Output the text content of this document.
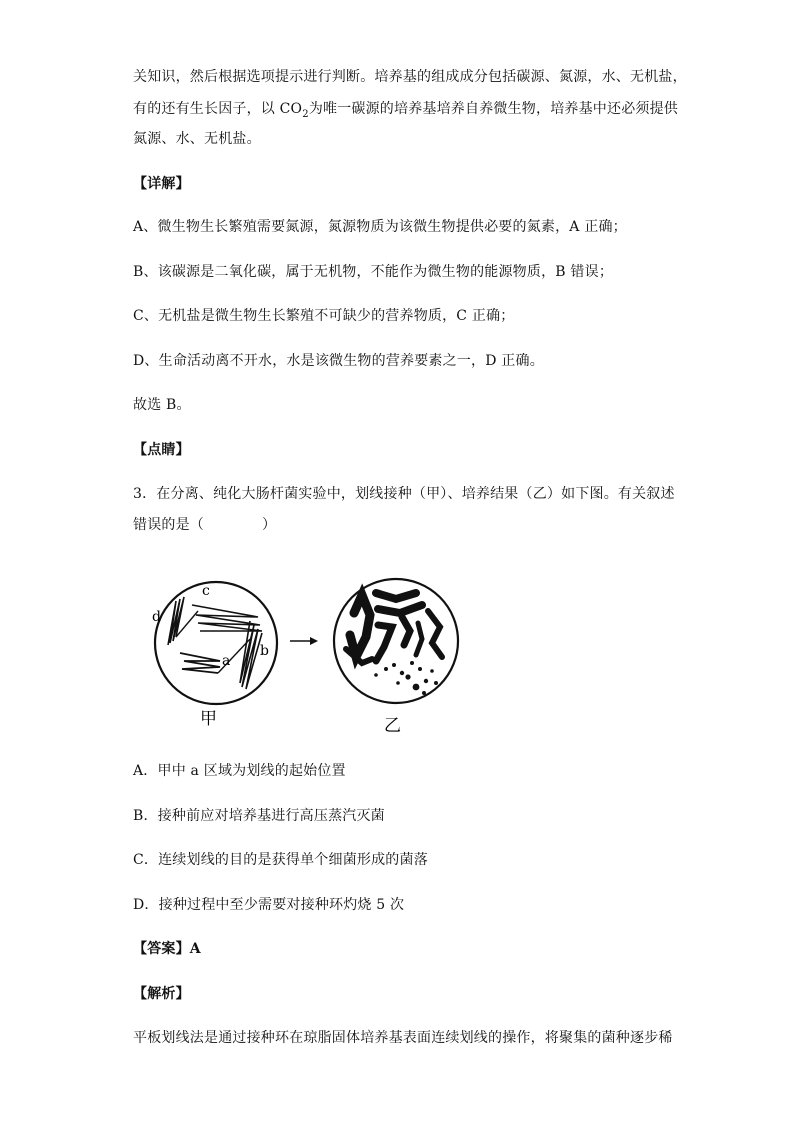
关知识，然后根据选项提示进行判断。培养基的组成成分包括碳源、氮源，水、无机盐，
有的还有生长因子，以 $CO_2$为唯一碳源的培养基培养自养微生物，培养基中还必须提供
氮源、水、无机盐。
【详解】
A、微生物生长繁殖需要氮源，氮源物质为该微生物提供必要的氮素，A 正确；
B、该碳源是二氧化碳，属于无机物，不能作为微生物的能源物质，B 错误；
C、无机盐是微生物生长繁殖不可缺少的营养物质，C 正确；
D、生命活动离不开水，水是该微生物的营养要素之一，D 正确。
故选 B。
【点睛】
3．在分离、纯化大肠杆菌实验中，划线接种（甲）、培养结果（乙）如下图。有关叙述
错误的是（	）
d
c
a
b
甲	乙
A．甲中 a 区域为划线的起始位置
B．接种前应对培养基进行高压蒸汽灭菌
C．连续划线的目的是获得单个细菌形成的菌落
D．接种过程中至少需要对接种环灼烧 5 次
【答案】A
【解析】
平板划线法是通过接种环在琼脂固体培养基表面连续划线的操作，将聚集的菌种逐步稀
